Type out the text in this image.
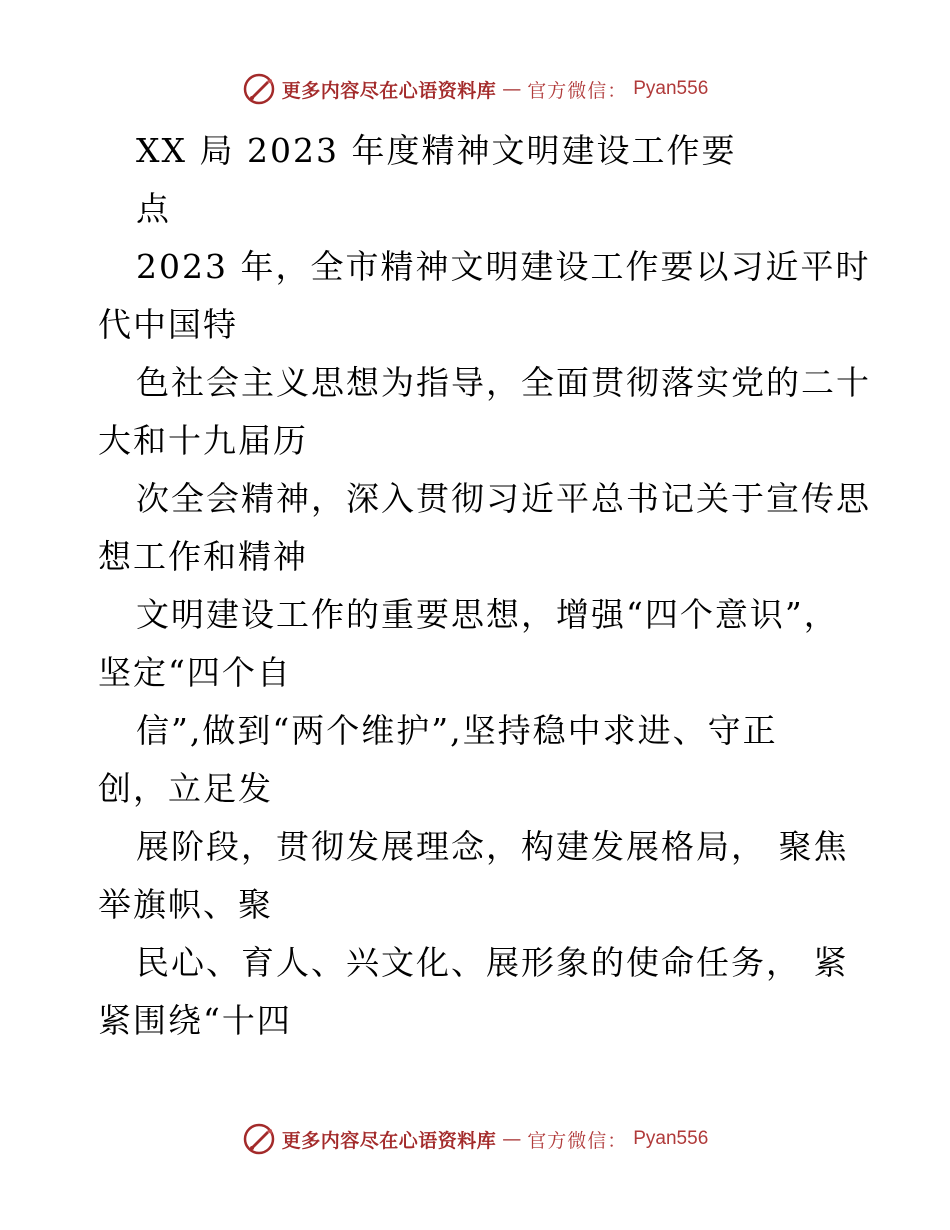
更多内容尽在心语资料库 — 官方微信： Pyan556
XX 局 2023 年度精神文明建设工作要
点
2023 年，全市精神文明建设工作要以习近平时
代中国特
色社会主义思想为指导，全面贯彻落实党的二十
大和十九届历
次全会精神，深入贯彻习近平总书记关于宣传思
想工作和精神
文明建设工作的重要思想，增强“四个意识”，
坚定“四个自
信”,做到“两个维护”,坚持稳中求进、守正
创，立足发
展阶段，贯彻发展理念，构建发展格局， 聚焦
举旗帜、聚
民心、育人、兴文化、展形象的使命任务， 紧
紧围绕“十四
更多内容尽在心语资料库 — 官方微信： Pyan556
